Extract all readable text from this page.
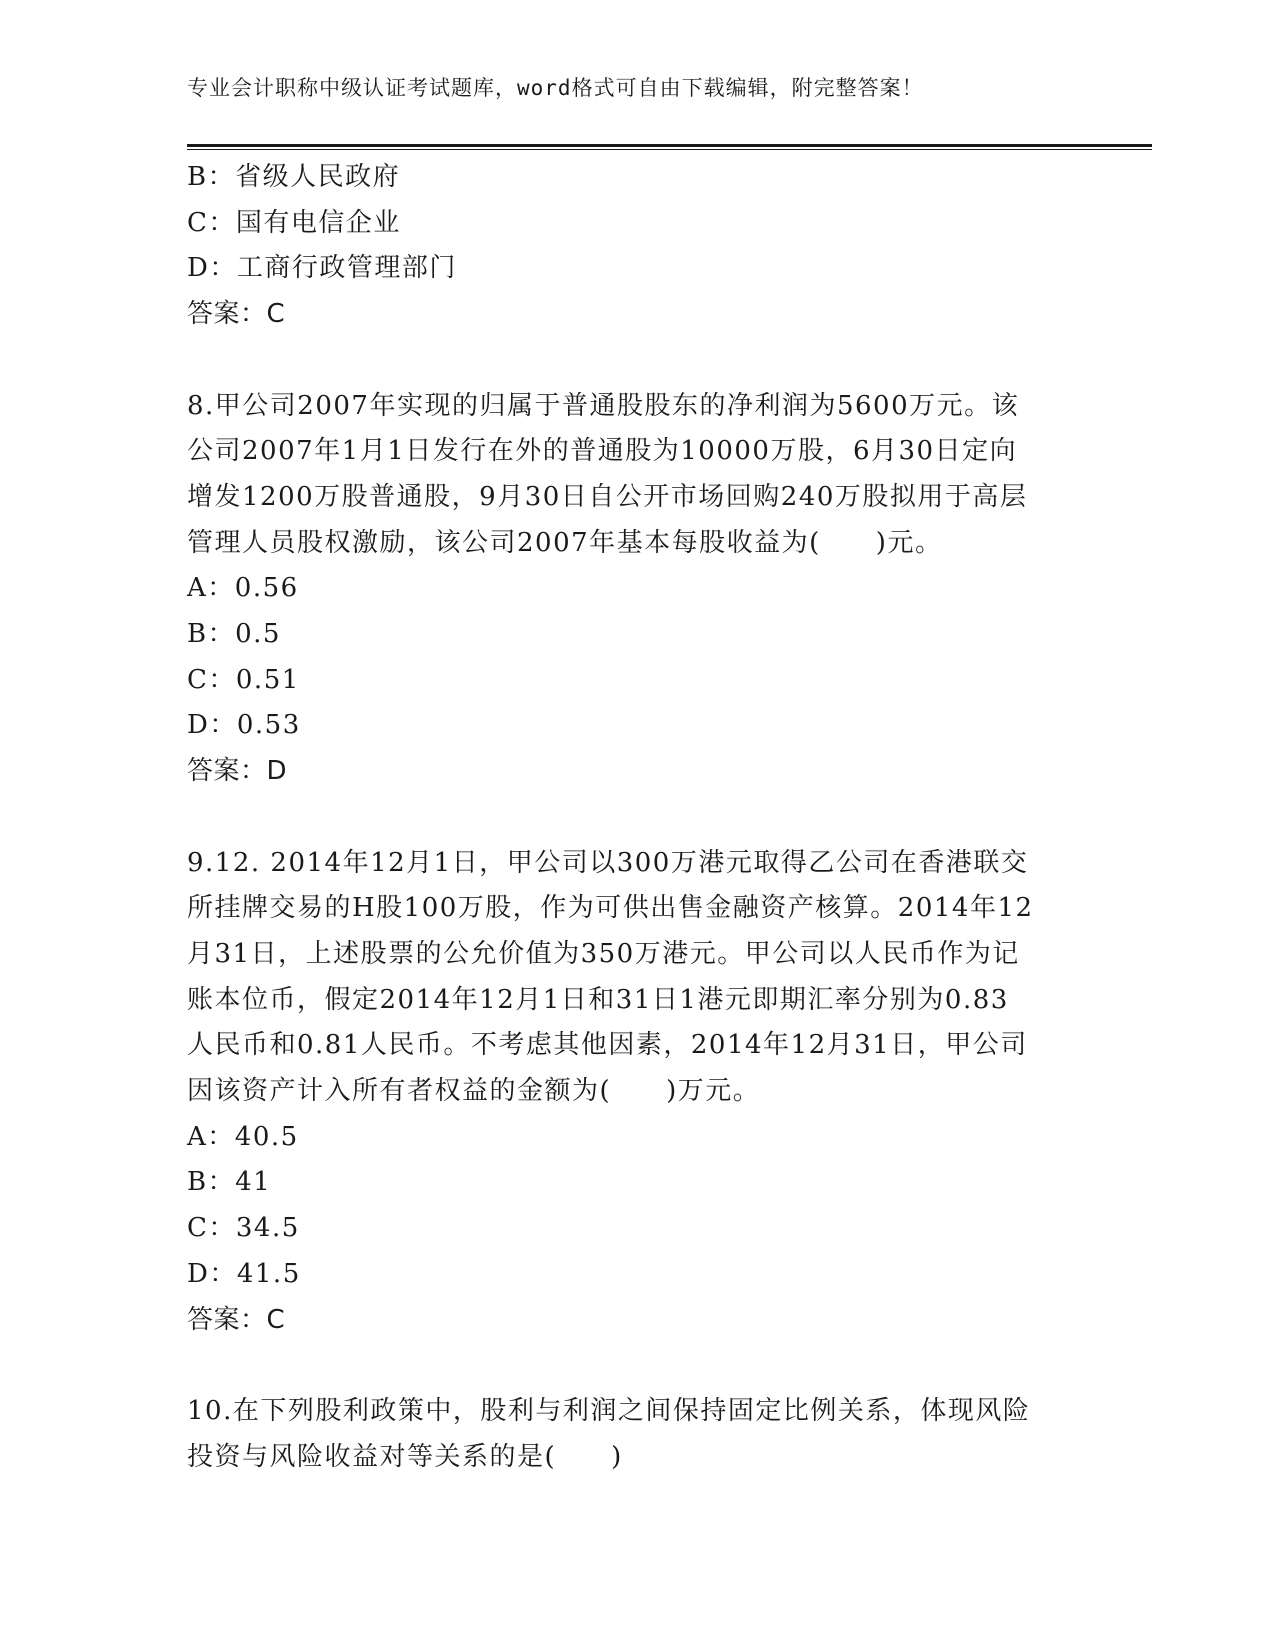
专业会计职称中级认证考试题库，word格式可自由下载编辑，附完整答案！
B：省级人民政府
C：国有电信企业
D：工商行政管理部门
答案：C
8.甲公司2007年实现的归属于普通股股东的净利润为5600万元。该
公司2007年1月1日发行在外的普通股为10000万股，6月30日定向
增发1200万股普通股，9月30日自公开市场回购240万股拟用于高层
管理人员股权激励，该公司2007年基本每股收益为(　　)元。
A：0.56
B：0.5
C：0.51
D：0.53
答案：D
9.12. 2014年12月1日，甲公司以300万港元取得乙公司在香港联交
所挂牌交易的H股100万股，作为可供出售金融资产核算。2014年12
月31日，上述股票的公允价值为350万港元。甲公司以人民币作为记
账本位币，假定2014年12月1日和31日1港元即期汇率分别为0.83
人民币和0.81人民币。不考虑其他因素，2014年12月31日，甲公司
因该资产计入所有者权益的金额为(　　)万元。
A：40.5
B：41
C：34.5
D：41.5
答案：C
10.在下列股利政策中，股利与利润之间保持固定比例关系，体现风险
投资与风险收益对等关系的是(　　)
